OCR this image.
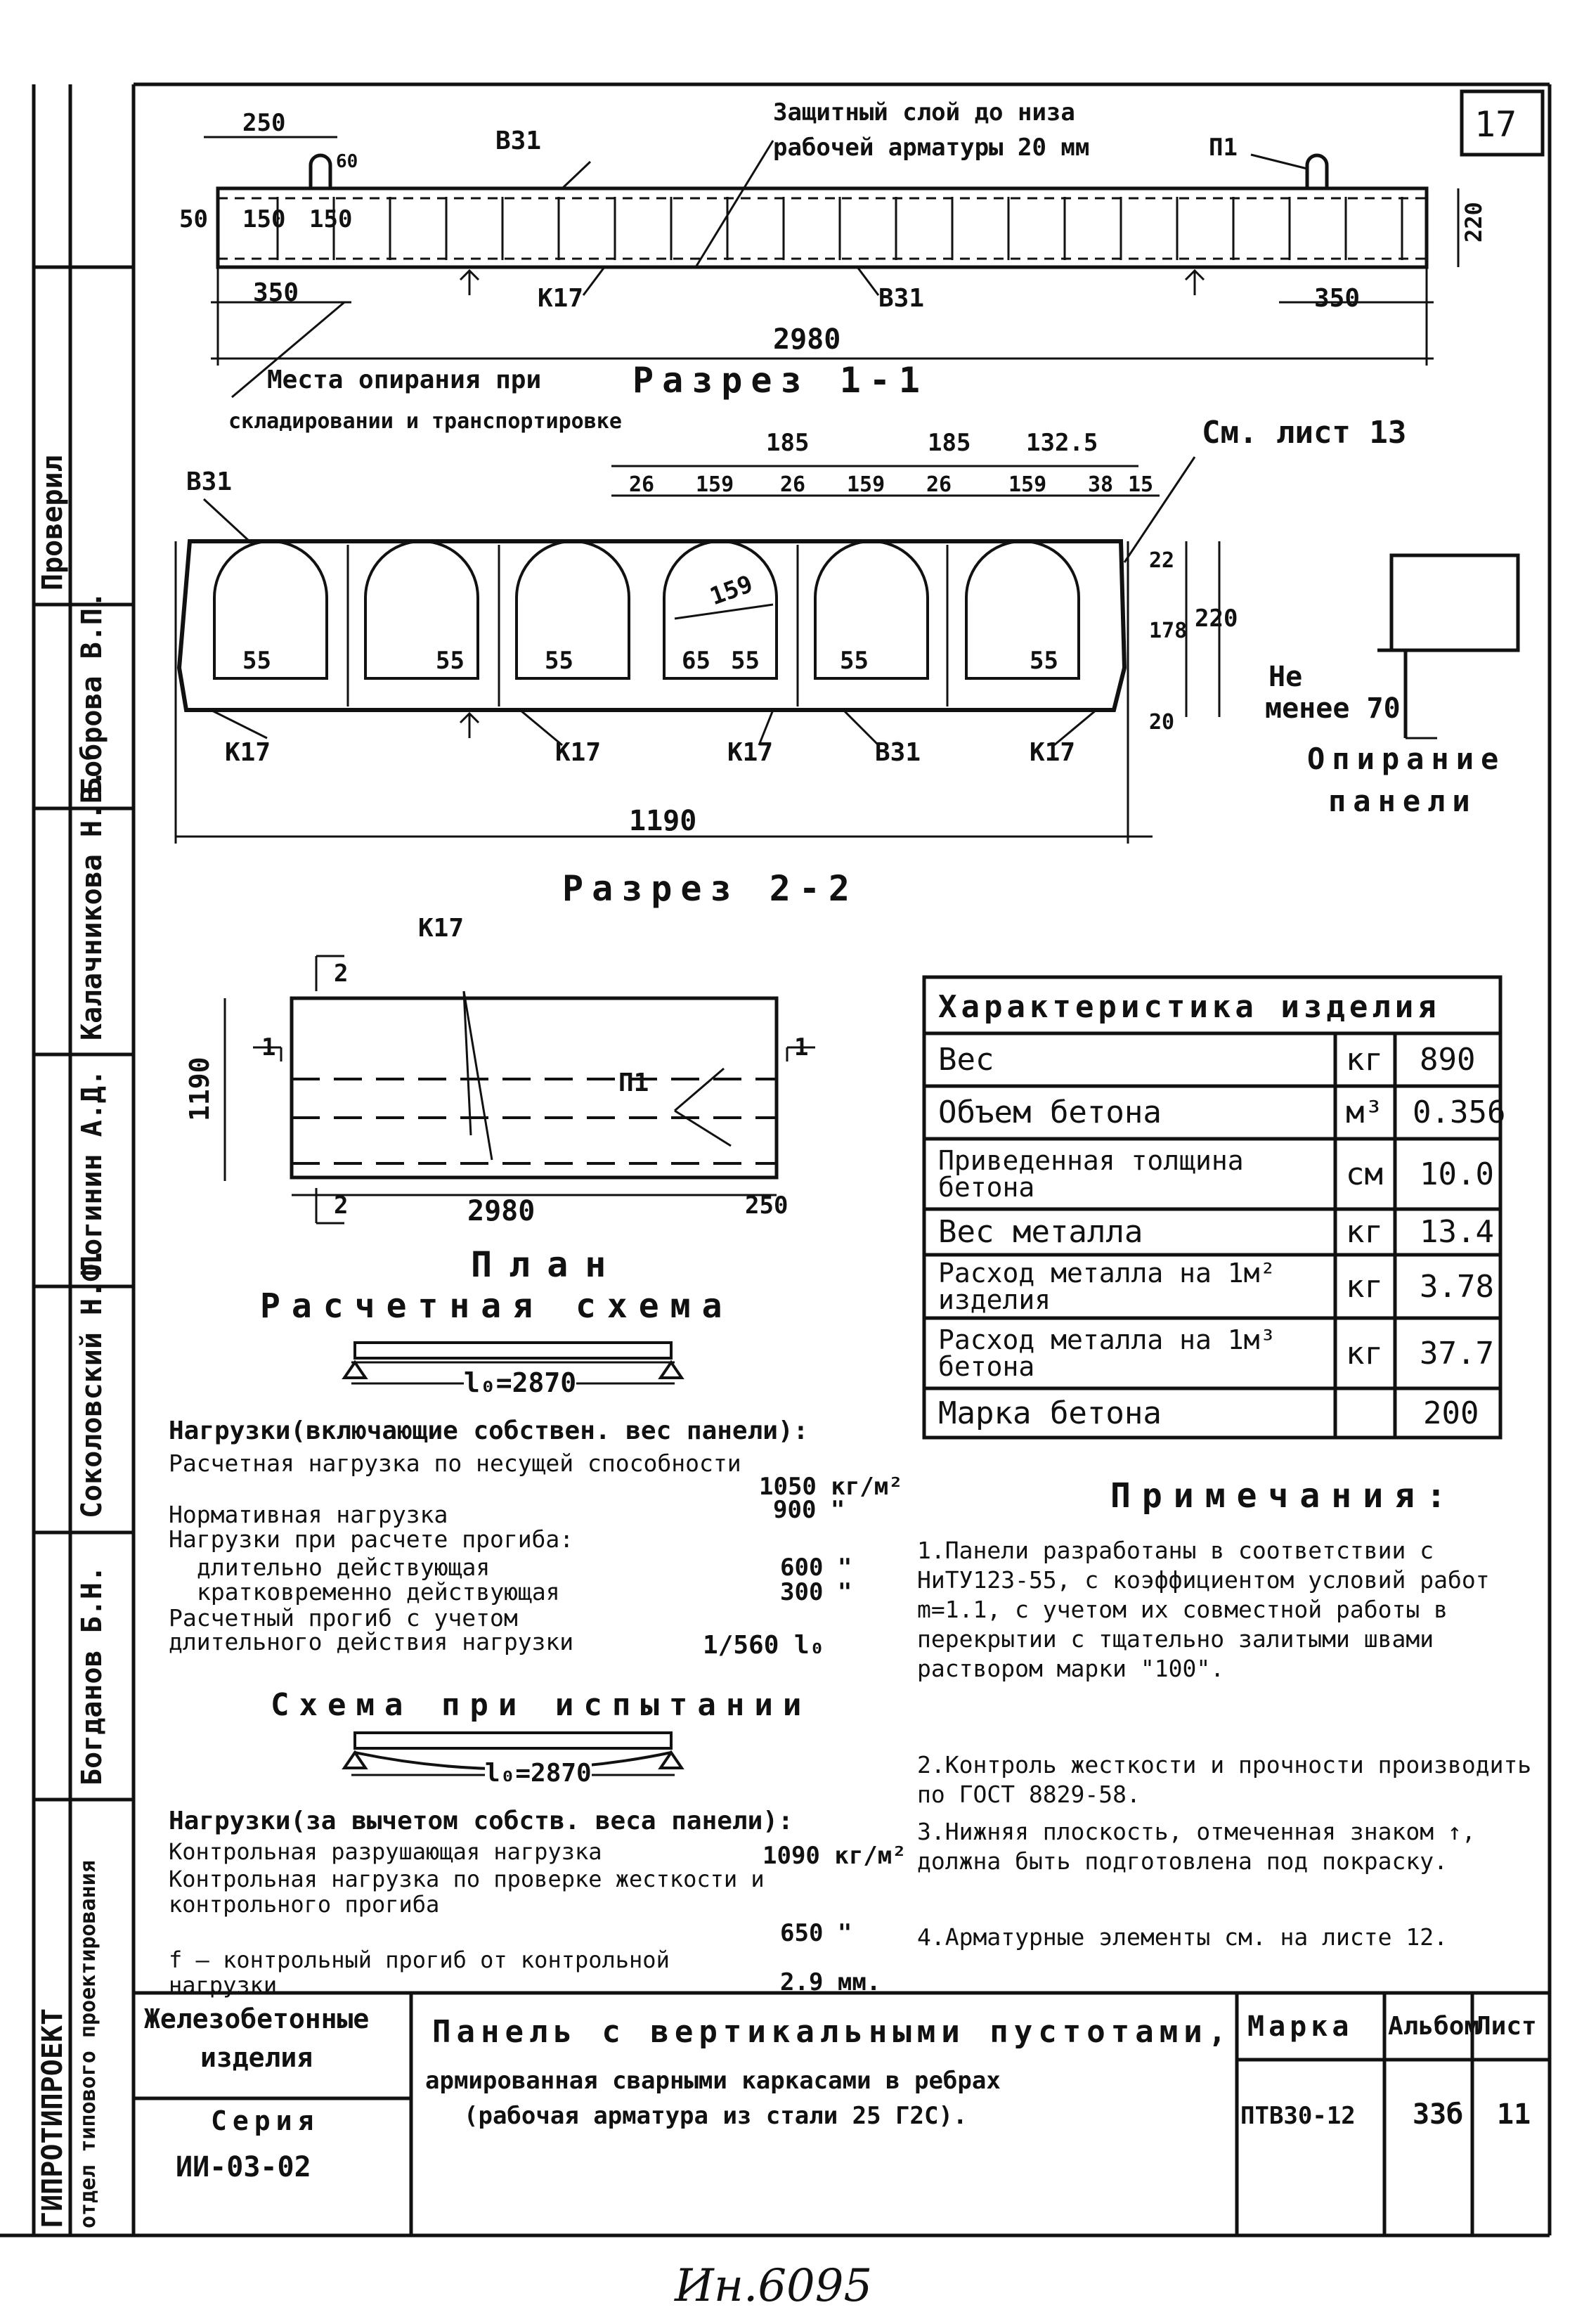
ГИПРОТИПРОЕКТ отдел типового проектирования
Богданов Б.Н.
Соколовский Н.Ф.
Логинин А.Д.
Калачникова Н.В.
Боброва В.П.
Проверил
17
Защитный слой до низа
рабочей арматуры 20 мм	П1
250
60
В31
50 150 150
350	К17	В31	350
220
2980
Места опирания при	Разрез 1-1
складировании и транспортировке
185	185 132.5	См. лист 13
26 159 26 159 26	159 38 15
В31
159
55	55	55	65 55	55	55
22
178
20
220
К17	К17	К17	В31	К17
1190
Разрез 2-2
Не
менее 70
Опирание
панели
К17
2
2
1	1
1190	П1
2980	250
План
Характеристика изделия
Вес	кг 890
Объем бетона	м³ 0.356
Приведенная толщина бетона	см 10.0
Вес металла	кг 13.4
Расход металла на 1м² изделия	кг 3.78
Расход металла на 1м³ бетона	кг 37.7
Марка бетона	200
Расчетная схема
l₀=2870
Нагрузки(включающие собствен. вес панели):
Расчетная нагрузка по несущей способности
1050 кг/м²
Нормативная нагрузка	900 "
Нагрузки при расчете прогиба:
длительно действующая	600 "
кратковременно действующая	300 "
Расчетный прогиб с учетом длительного действия нагрузки	1/560 l₀
Схема при испытании
l₀=2870
Нагрузки(за вычетом собств. веса панели):
Контрольная разрушающая нагрузка	1090 кг/м²
Контрольная нагрузка по проверке жесткости и контрольного прогиба
650 "
f — контрольный прогиб от контрольной нагрузки	2.9 мм.
Примечания:
1.Панели разработаны в соответствии с НиТУ123-55, с коэффициентом условий работ m=1.1, с учетом их совместной работы в перекрытии с тщательно залитыми швами раствором марки "100".
2.Контроль жесткости и прочности производить по ГОСТ 8829-58.
3.Нижняя плоскость, отмеченная знаком ↑, должна быть подготовлена под покраску.
4.Арматурные элементы см. на листе 12.
Железобетонные
изделия
Серия
ИИ-03-02
Панель с вертикальными пустотами,
армированная сварными каркасами в ребрах
(рабочая арматура из стали 25 Г2С).
Марка
ПТВ30-12
Альбом
33б
Лист
11
Ин.6095
